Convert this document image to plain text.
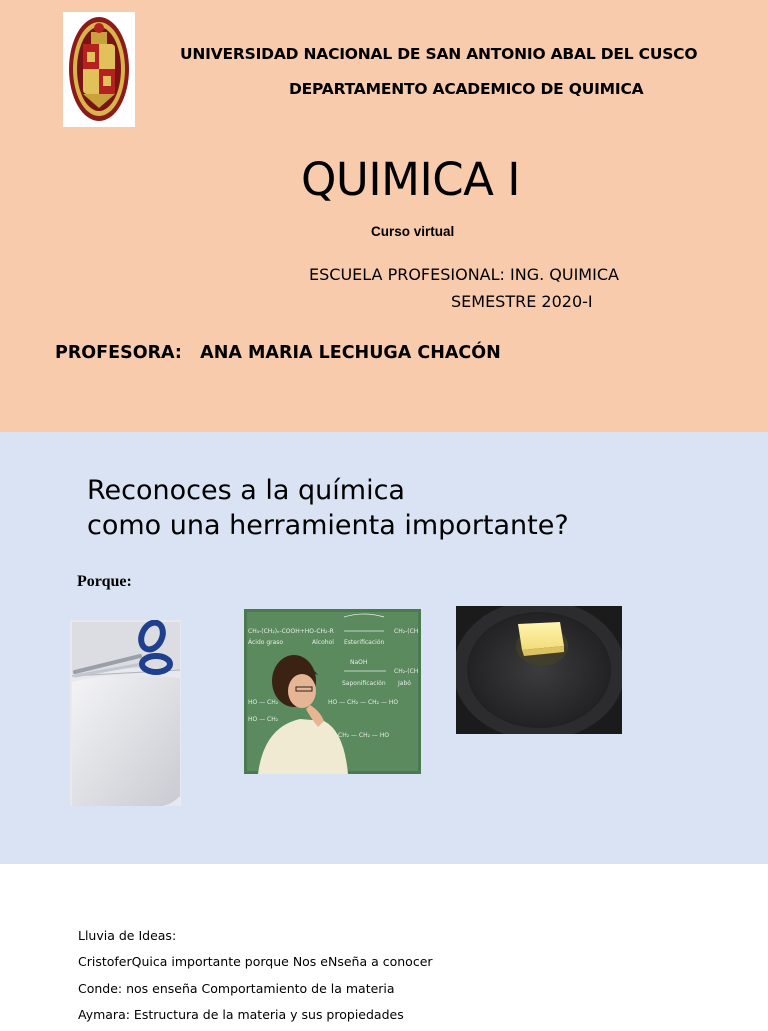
UNIVERSIDAD NACIONAL DE SAN ANTONIO ABAL DEL CUSCO
DEPARTAMENTO ACADEMICO DE QUIMICA
QUIMICA I
Curso virtual
ESCUELA PROFESIONAL: ING. QUIMICA
SEMESTRE 2020-I
PROFESORA:   ANA MARIA LECHUGA CHACÓN
Reconoces a la química
como una herramienta importante?
Porque:
CH₃-(CH₂)ₙ-COOH+HO-CH₂-R	CH₂-(CH
Ácido graso	Alcohol Esterificación
NaOH
CH₂-(CH
Saponificación Jabó
HO — CH₂	HO — CH₂ — CH₂ — HO
HO — CH₂
CH₂ — CH₂ — HO
Lluvia de Ideas:
CristoferQuica importante porque Nos eNseña a conocer
Conde: nos enseña Comportamiento de la materia
Aymara: Estructura de la materia y sus propiedades
